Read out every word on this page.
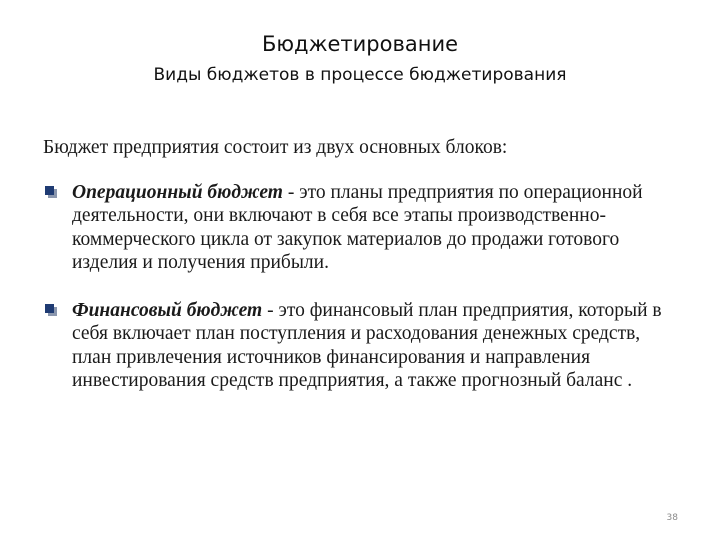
Бюджетирование
Виды бюджетов в процессе бюджетирования

Бюджет предприятия состоит из двух основных блоков:

Операционный бюджет - это планы предприятия по операционной деятельности, они включают в себя все этапы производственно-коммерческого цикла от закупок материалов до продажи готового изделия и получения прибыли.

Финансовый бюджет - это финансовый план предприятия, который в себя включает план поступления и расходования денежных средств, план привлечения источников финансирования и направления инвестирования средств предприятия, а также прогнозный баланс .

38
